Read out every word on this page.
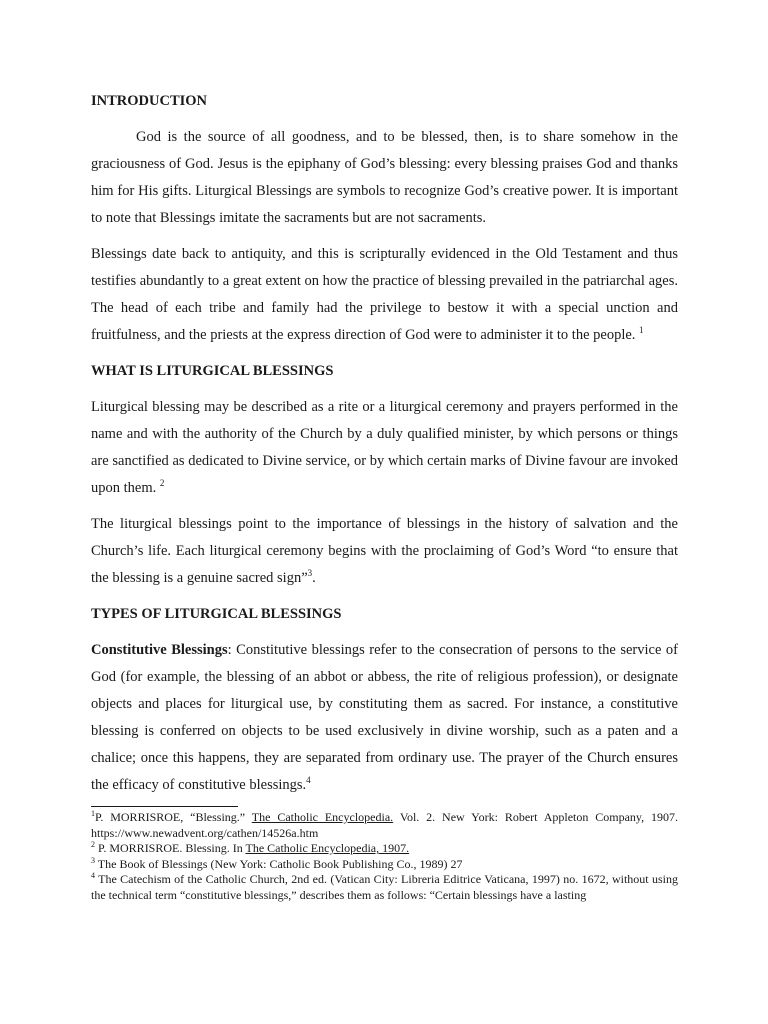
INTRODUCTION

God is the source of all goodness, and to be blessed, then, is to share somehow in the graciousness of God. Jesus is the epiphany of God’s blessing: every blessing praises God and thanks him for His gifts. Liturgical Blessings are symbols to recognize God’s creative power. It is important to note that Blessings imitate the sacraments but are not sacraments.

Blessings date back to antiquity, and this is scripturally evidenced in the Old Testament and thus testifies abundantly to a great extent on how the practice of blessing prevailed in the patriarchal ages. The head of each tribe and family had the privilege to bestow it with a special unction and fruitfulness, and the priests at the express direction of God were to administer it to the people. $^1$

WHAT IS LITURGICAL BLESSINGS

Liturgical blessing may be described as a rite or a liturgical ceremony and prayers performed in the name and with the authority of the Church by a duly qualified minister, by which persons or things are sanctified as dedicated to Divine service, or by which certain marks of Divine favour are invoked upon them. $^2$

The liturgical blessings point to the importance of blessings in the history of salvation and the Church’s life. Each liturgical ceremony begins with the proclaiming of God’s Word “to ensure that the blessing is a genuine sacred sign”$^3$.

TYPES OF LITURGICAL BLESSINGS

Constitutive Blessings: Constitutive blessings refer to the consecration of persons to the service of God (for example, the blessing of an abbot or abbess, the rite of religious profession), or designate objects and places for liturgical use, by constituting them as sacred. For instance, a constitutive blessing is conferred on objects to be used exclusively in divine worship, such as a paten and a chalice; once this happens, they are separated from ordinary use. The prayer of the Church ensures the efficacy of constitutive blessings.$^4$

$^1$P. MORRISROE, “Blessing.” The Catholic Encyclopedia. Vol. 2. New York: Robert Appleton Company, 1907. https://www.newadvent.org/cathen/14526a.htm

$^2$ P. MORRISROE. Blessing. In The Catholic Encyclopedia, 1907.

$^3$ The Book of Blessings (New York: Catholic Book Publishing Co., 1989) 27

$^4$ The Catechism of the Catholic Church, 2nd ed. (Vatican City: Libreria Editrice Vaticana, 1997) no. 1672, without using the technical term “constitutive blessings,” describes them as follows: “Certain blessings have a lasting
